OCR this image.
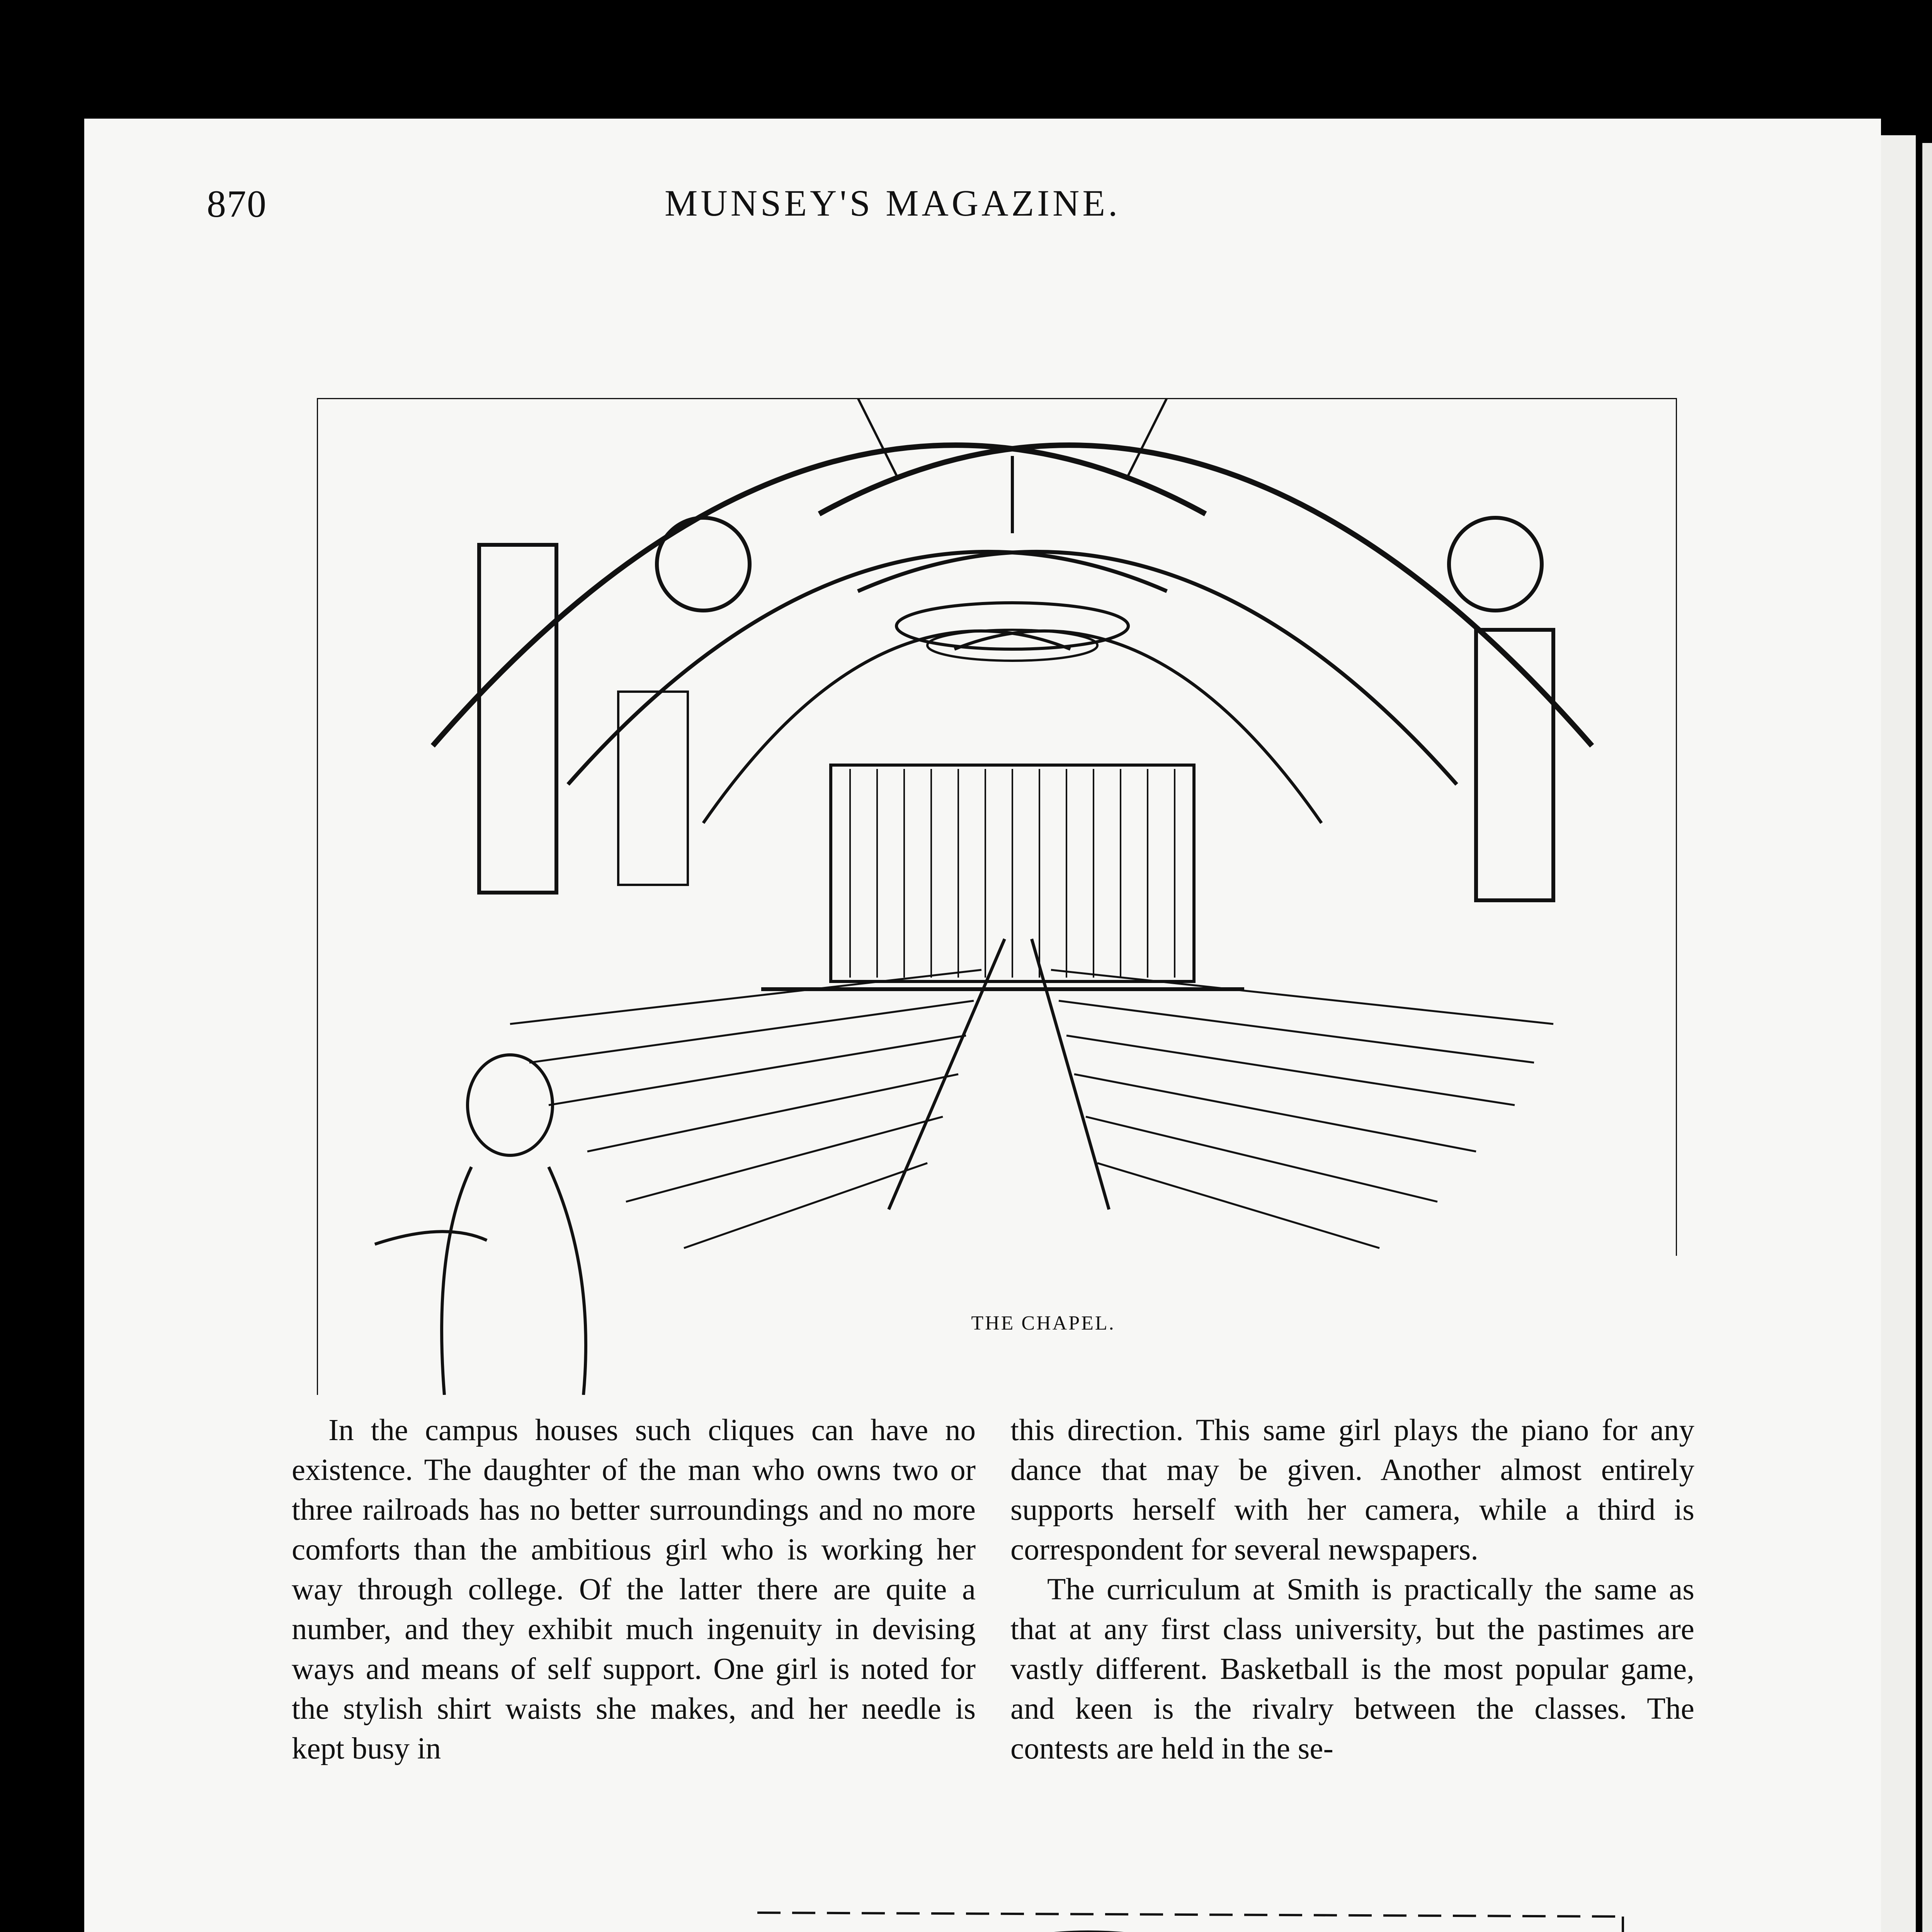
870	MUNSEY'S MAGAZINE.
THE CHAPEL.

In the campus houses such cliques can have no existence. The daughter of the man who owns two or three railroads has no better surroundings and no more comforts than the ambitious girl who is working her way through college. Of the latter there are quite a number, and they exhibit much ingenuity in devising ways and means of self support. One girl is noted for the stylish shirt waists she makes, and her needle is kept busy in

this direction. This same girl plays the piano for any dance that may be given. Another almost entirely supports herself with her camera, while a third is correspondent for several newspapers.

The curriculum at Smith is practically the same as that at any first class university, but the pastimes are vastly different. Basketball is the most popular game, and keen is the rivalry between the classes. The contests are held in the se-
